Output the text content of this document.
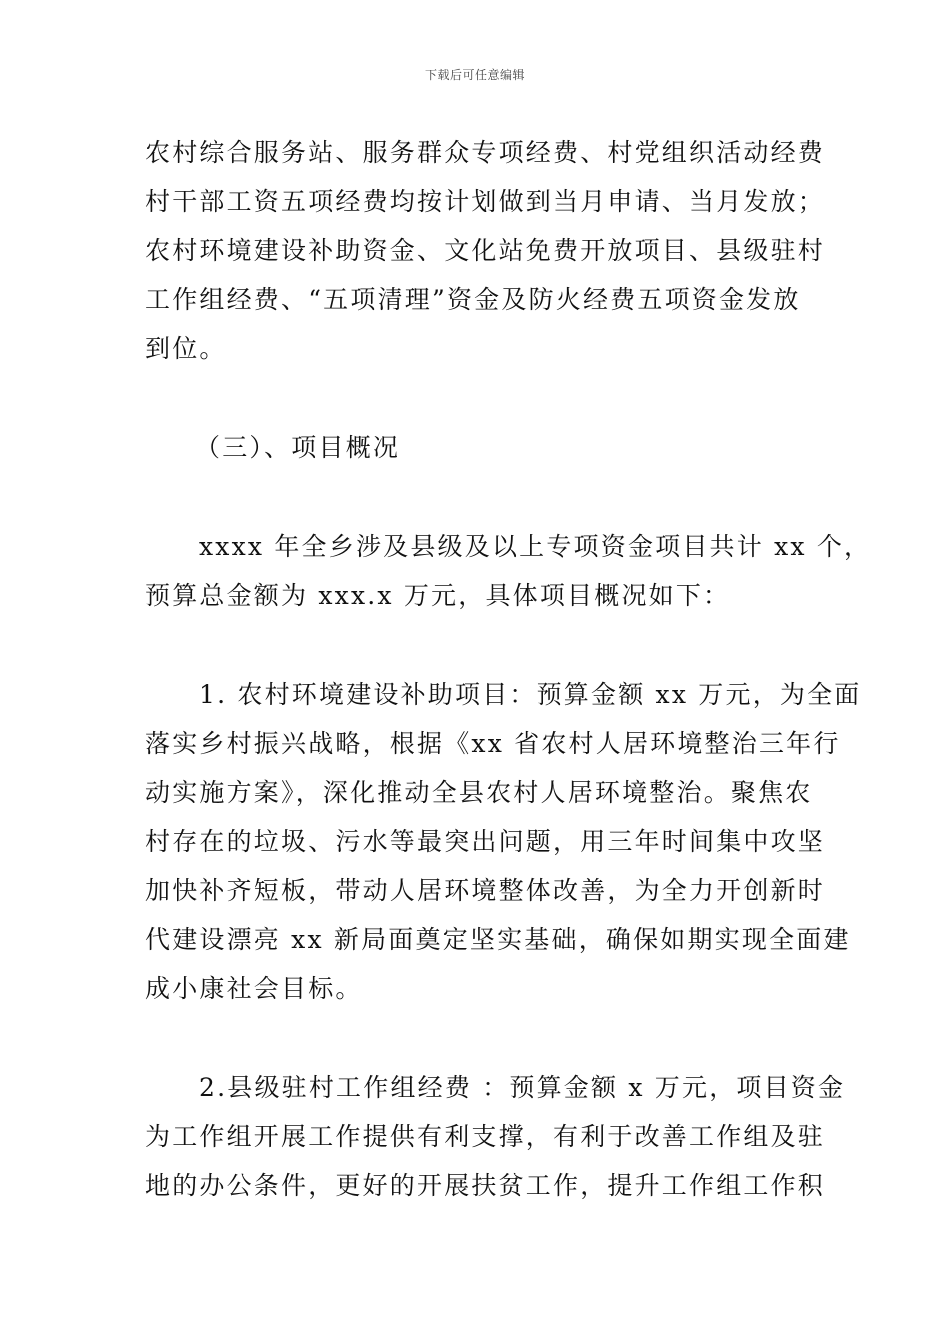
下载后可任意编辑
农村综合服务站、服务群众专项经费、村党组织活动经费
村干部工资五项经费均按计划做到当月申请、当月发放；
农村环境建设补助资金、文化站免费开放项目、县级驻村
工作组经费、“五项清理”资金及防火经费五项资金发放
到位。
（三）、项目概况
xxxx 年全乡涉及县级及以上专项资金项目共计 xx 个，
预算总金额为 xxx.x 万元，具体项目概况如下：
1. 农村环境建设补助项目：预算金额 xx 万元，为全面
落实乡村振兴战略，根据《xx 省农村人居环境整治三年行
动实施方案》，深化推动全县农村人居环境整治。聚焦农
村存在的垃圾、污水等最突出问题，用三年时间集中攻坚
加快补齐短板，带动人居环境整体改善，为全力开创新时
代建设漂亮 xx 新局面奠定坚实基础，确保如期实现全面建
成小康社会目标。
2.县级驻村工作组经费 ：预算金额 x 万元，项目资金
为工作组开展工作提供有利支撑，有利于改善工作组及驻
地的办公条件，更好的开展扶贫工作，提升工作组工作积
